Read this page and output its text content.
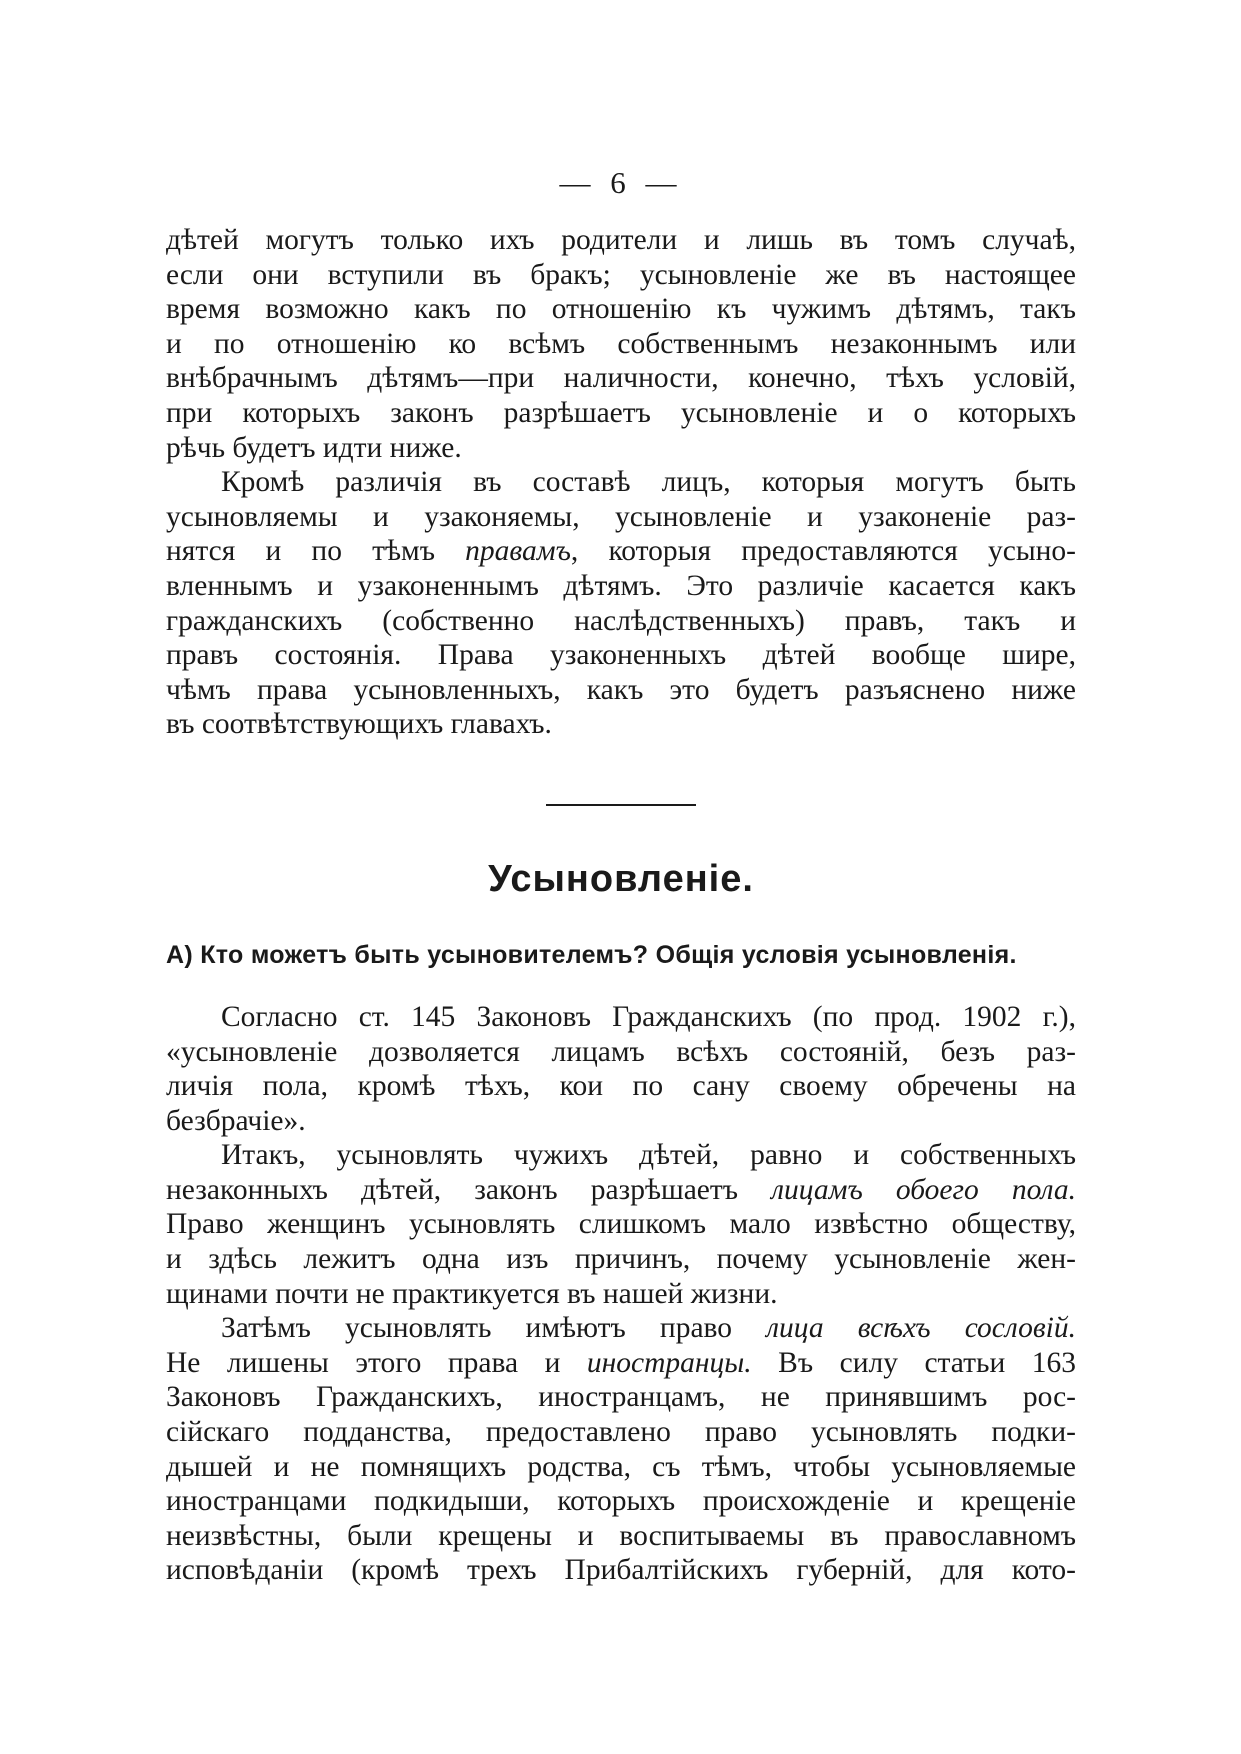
— 6 —

дѣтей могутъ только ихъ родители и лишь въ томъ случаѣ,
если они вступили въ бракъ; усыновленіе же въ настоящее
время возможно какъ по отношенію къ чужимъ дѣтямъ, такъ
и по отношенію ко всѣмъ собственнымъ незаконнымъ или
внѣбрачнымъ дѣтямъ—при наличности, конечно, тѣхъ условій,
при которыхъ законъ разрѣшаетъ усыновленіе и о которыхъ
рѣчь будетъ идти ниже.

Кромѣ различія въ составѣ лицъ, которыя могутъ быть
усыновляемы и узаконяемы, усыновленіе и узаконеніе раз-
нятся и по тѣмъ правамъ, которыя предоставляются усыно-
вленнымъ и узаконеннымъ дѣтямъ. Это различіе касается какъ
гражданскихъ (собственно наслѣдственныхъ) правъ, такъ и
правъ состоянія. Права узаконенныхъ дѣтей вообще шире,
чѣмъ права усыновленныхъ, какъ это будетъ разъяснено ниже
въ соотвѣтствующихъ главахъ.

Усыновленіе.
А) Кто можетъ быть усыновителемъ? Общія условія усыновленія.

Согласно ст. 145 Законовъ Гражданскихъ (по прод. 1902 г.),
«усыновленіе дозволяется лицамъ всѣхъ состояній, безъ раз-
личія пола, кромѣ тѣхъ, кои по сану своему обречены на
безбрачіе».

Итакъ, усыновлять чужихъ дѣтей, равно и собственныхъ
незаконныхъ дѣтей, законъ разрѣшаетъ лицамъ обоего пола.
Право женщинъ усыновлять слишкомъ мало извѣстно обществу,
и здѣсь лежитъ одна изъ причинъ, почему усыновленіе жен-
щинами почти не практикуется въ нашей жизни.

Затѣмъ усыновлять имѣютъ право лица всѣхъ сословій.
Не лишены этого права и иностранцы. Въ силу статьи 163
Законовъ Гражданскихъ, иностранцамъ, не принявшимъ рос-
сійскаго подданства, предоставлено право усыновлять подки-
дышей и не помнящихъ родства, съ тѣмъ, чтобы усыновляемые
иностранцами подкидыши, которыхъ происхожденіе и крещеніе
неизвѣстны, были крещены и воспитываемы въ православномъ
исповѣданіи (кромѣ трехъ Прибалтійскихъ губерній, для кото-
